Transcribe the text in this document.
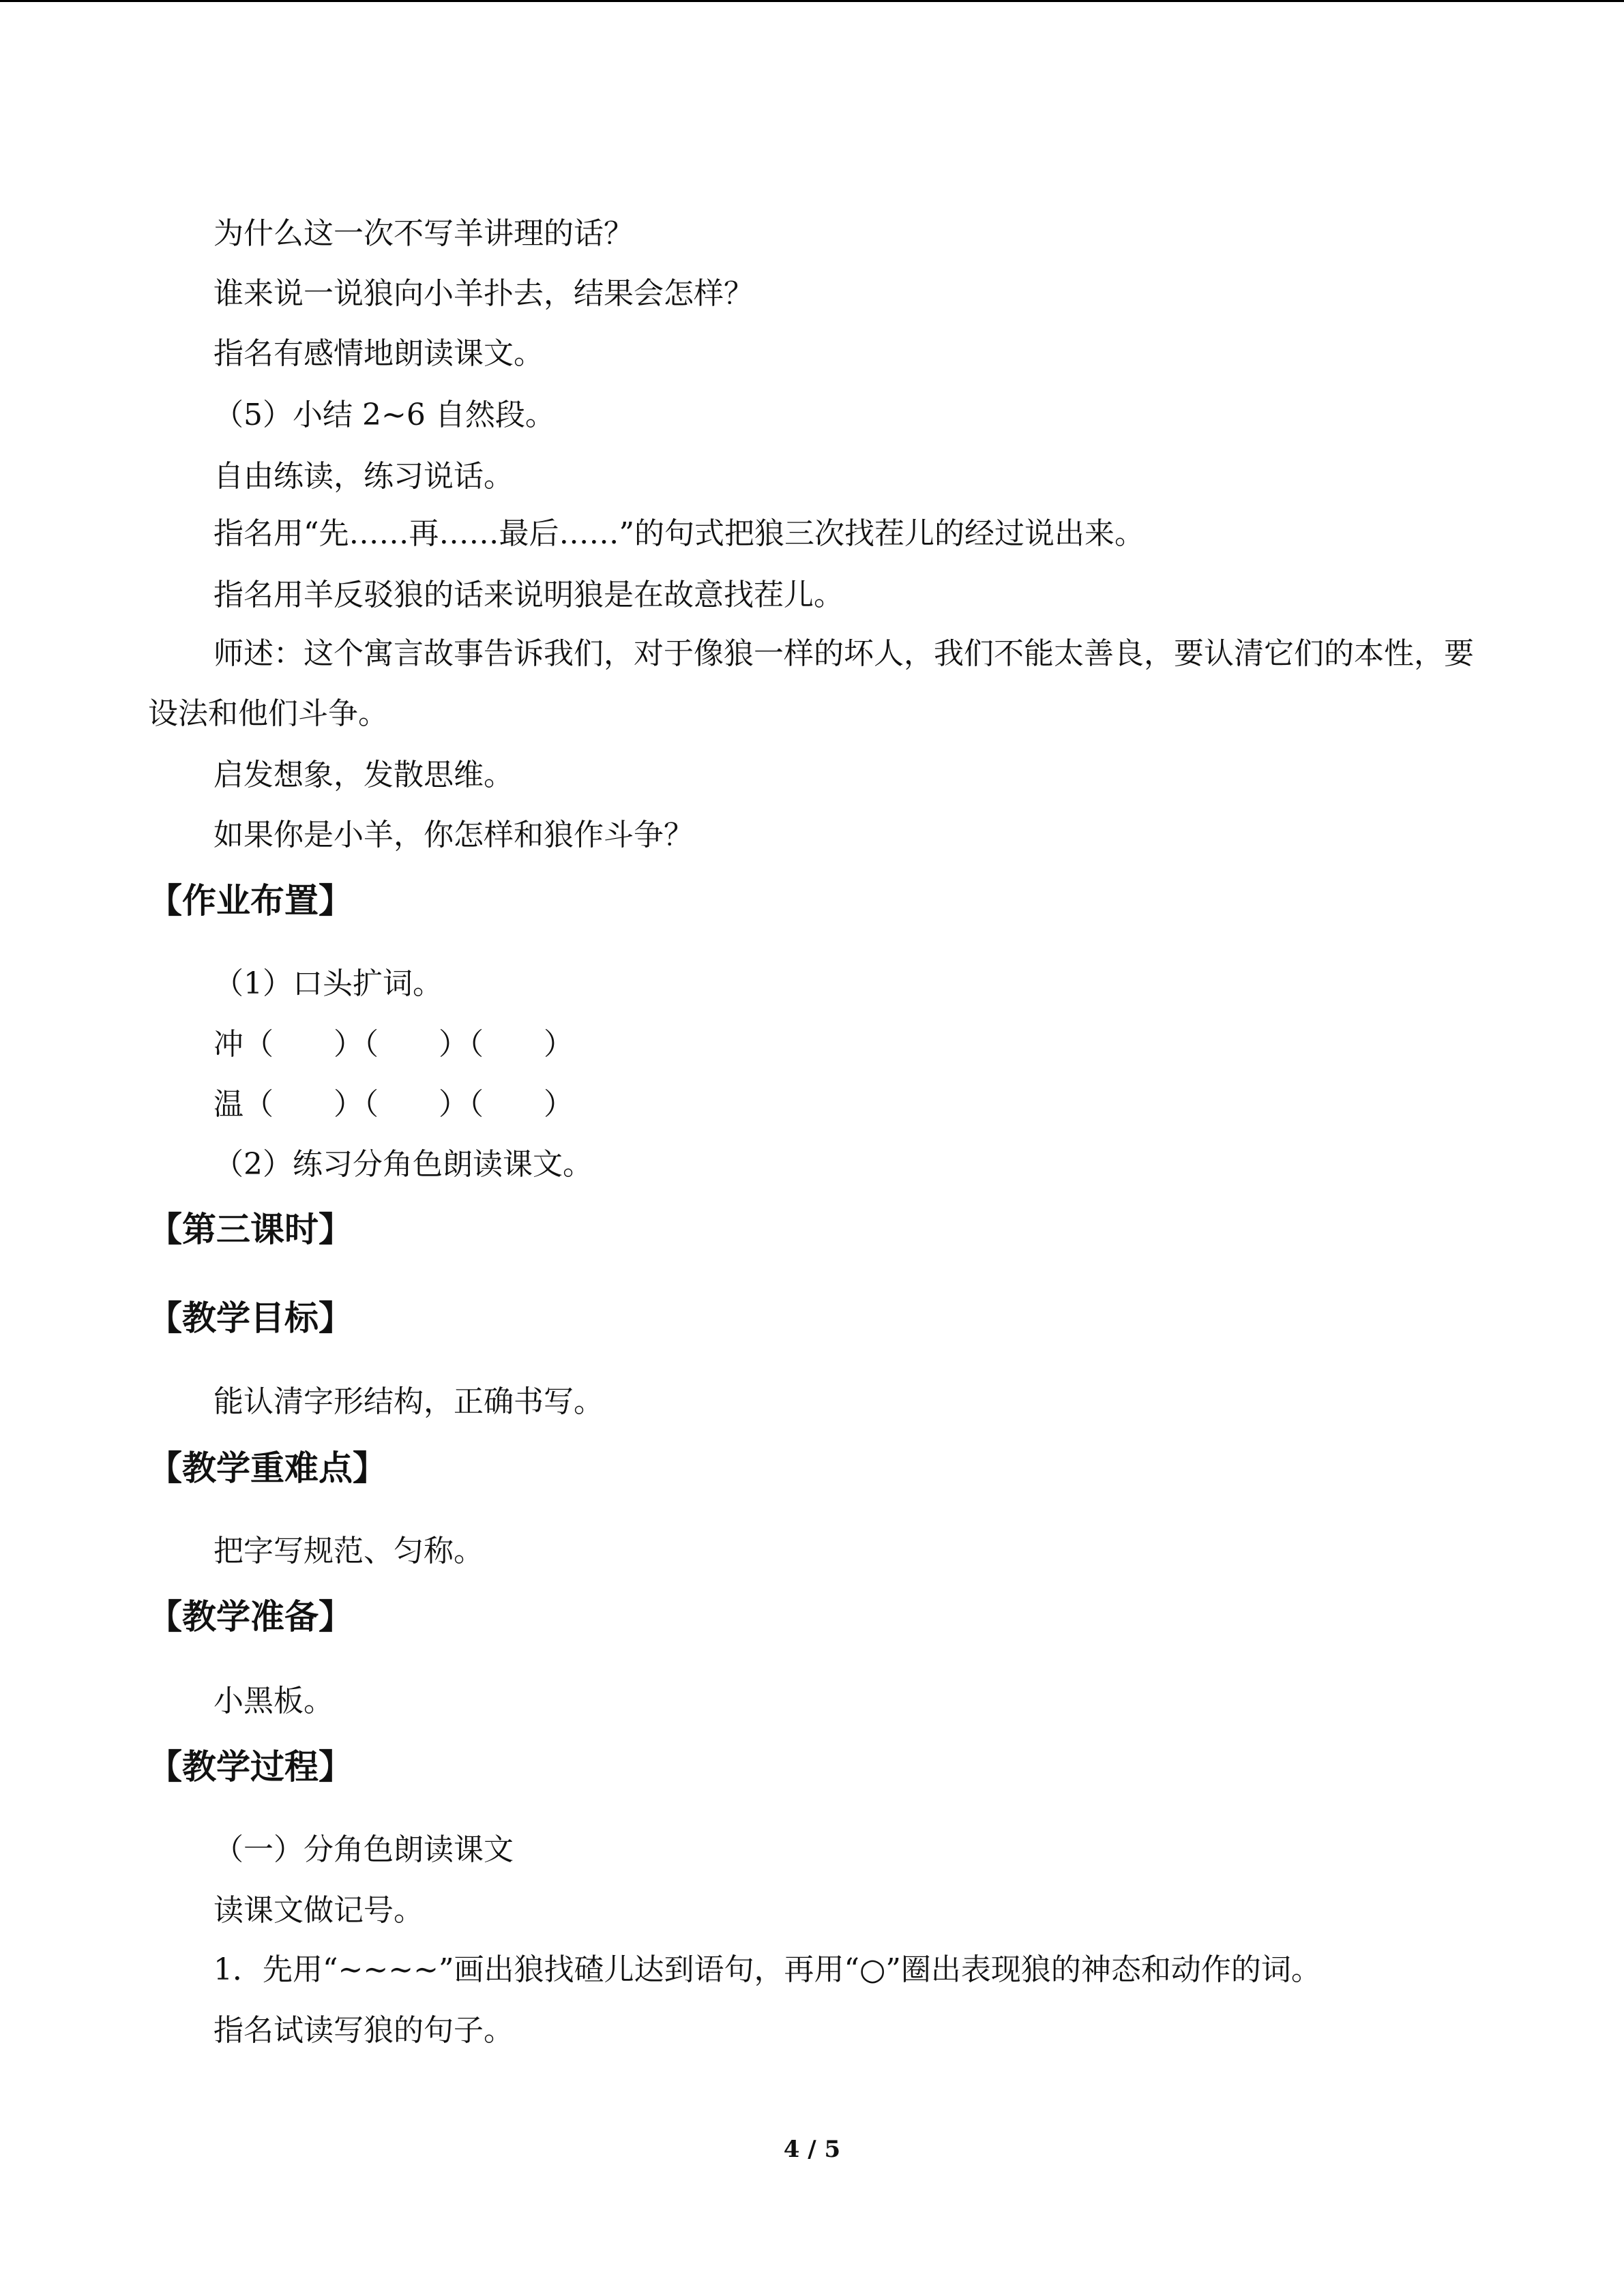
为什么这一次不写羊讲理的话？
谁来说一说狼向小羊扑去，结果会怎样？
指名有感情地朗读课文。
（5）小结 2~6 自然段。
自由练读，练习说话。
指名用“先……再……最后……”的句式把狼三次找茬儿的经过说出来。
指名用羊反驳狼的话来说明狼是在故意找茬儿。
师述：这个寓言故事告诉我们，对于像狼一样的坏人，我们不能太善良，要认清它们的本性，要设法和他们斗争。
启发想象，发散思维。
如果你是小羊，你怎样和狼作斗争？
【作业布置】
（1）口头扩词。
冲（　　）（　　）（　　）
温（　　）（　　）（　　）
（2）练习分角色朗读课文。
【第三课时】
【教学目标】
能认清字形结构，正确书写。
【教学重难点】
把字写规范、匀称。
【教学准备】
小黑板。
【教学过程】
（一）分角色朗读课文
读课文做记号。
1．先用“~~~~”画出狼找碴儿达到语句，再用“○”圈出表现狼的神态和动作的词。
指名试读写狼的句子。
4 / 5
